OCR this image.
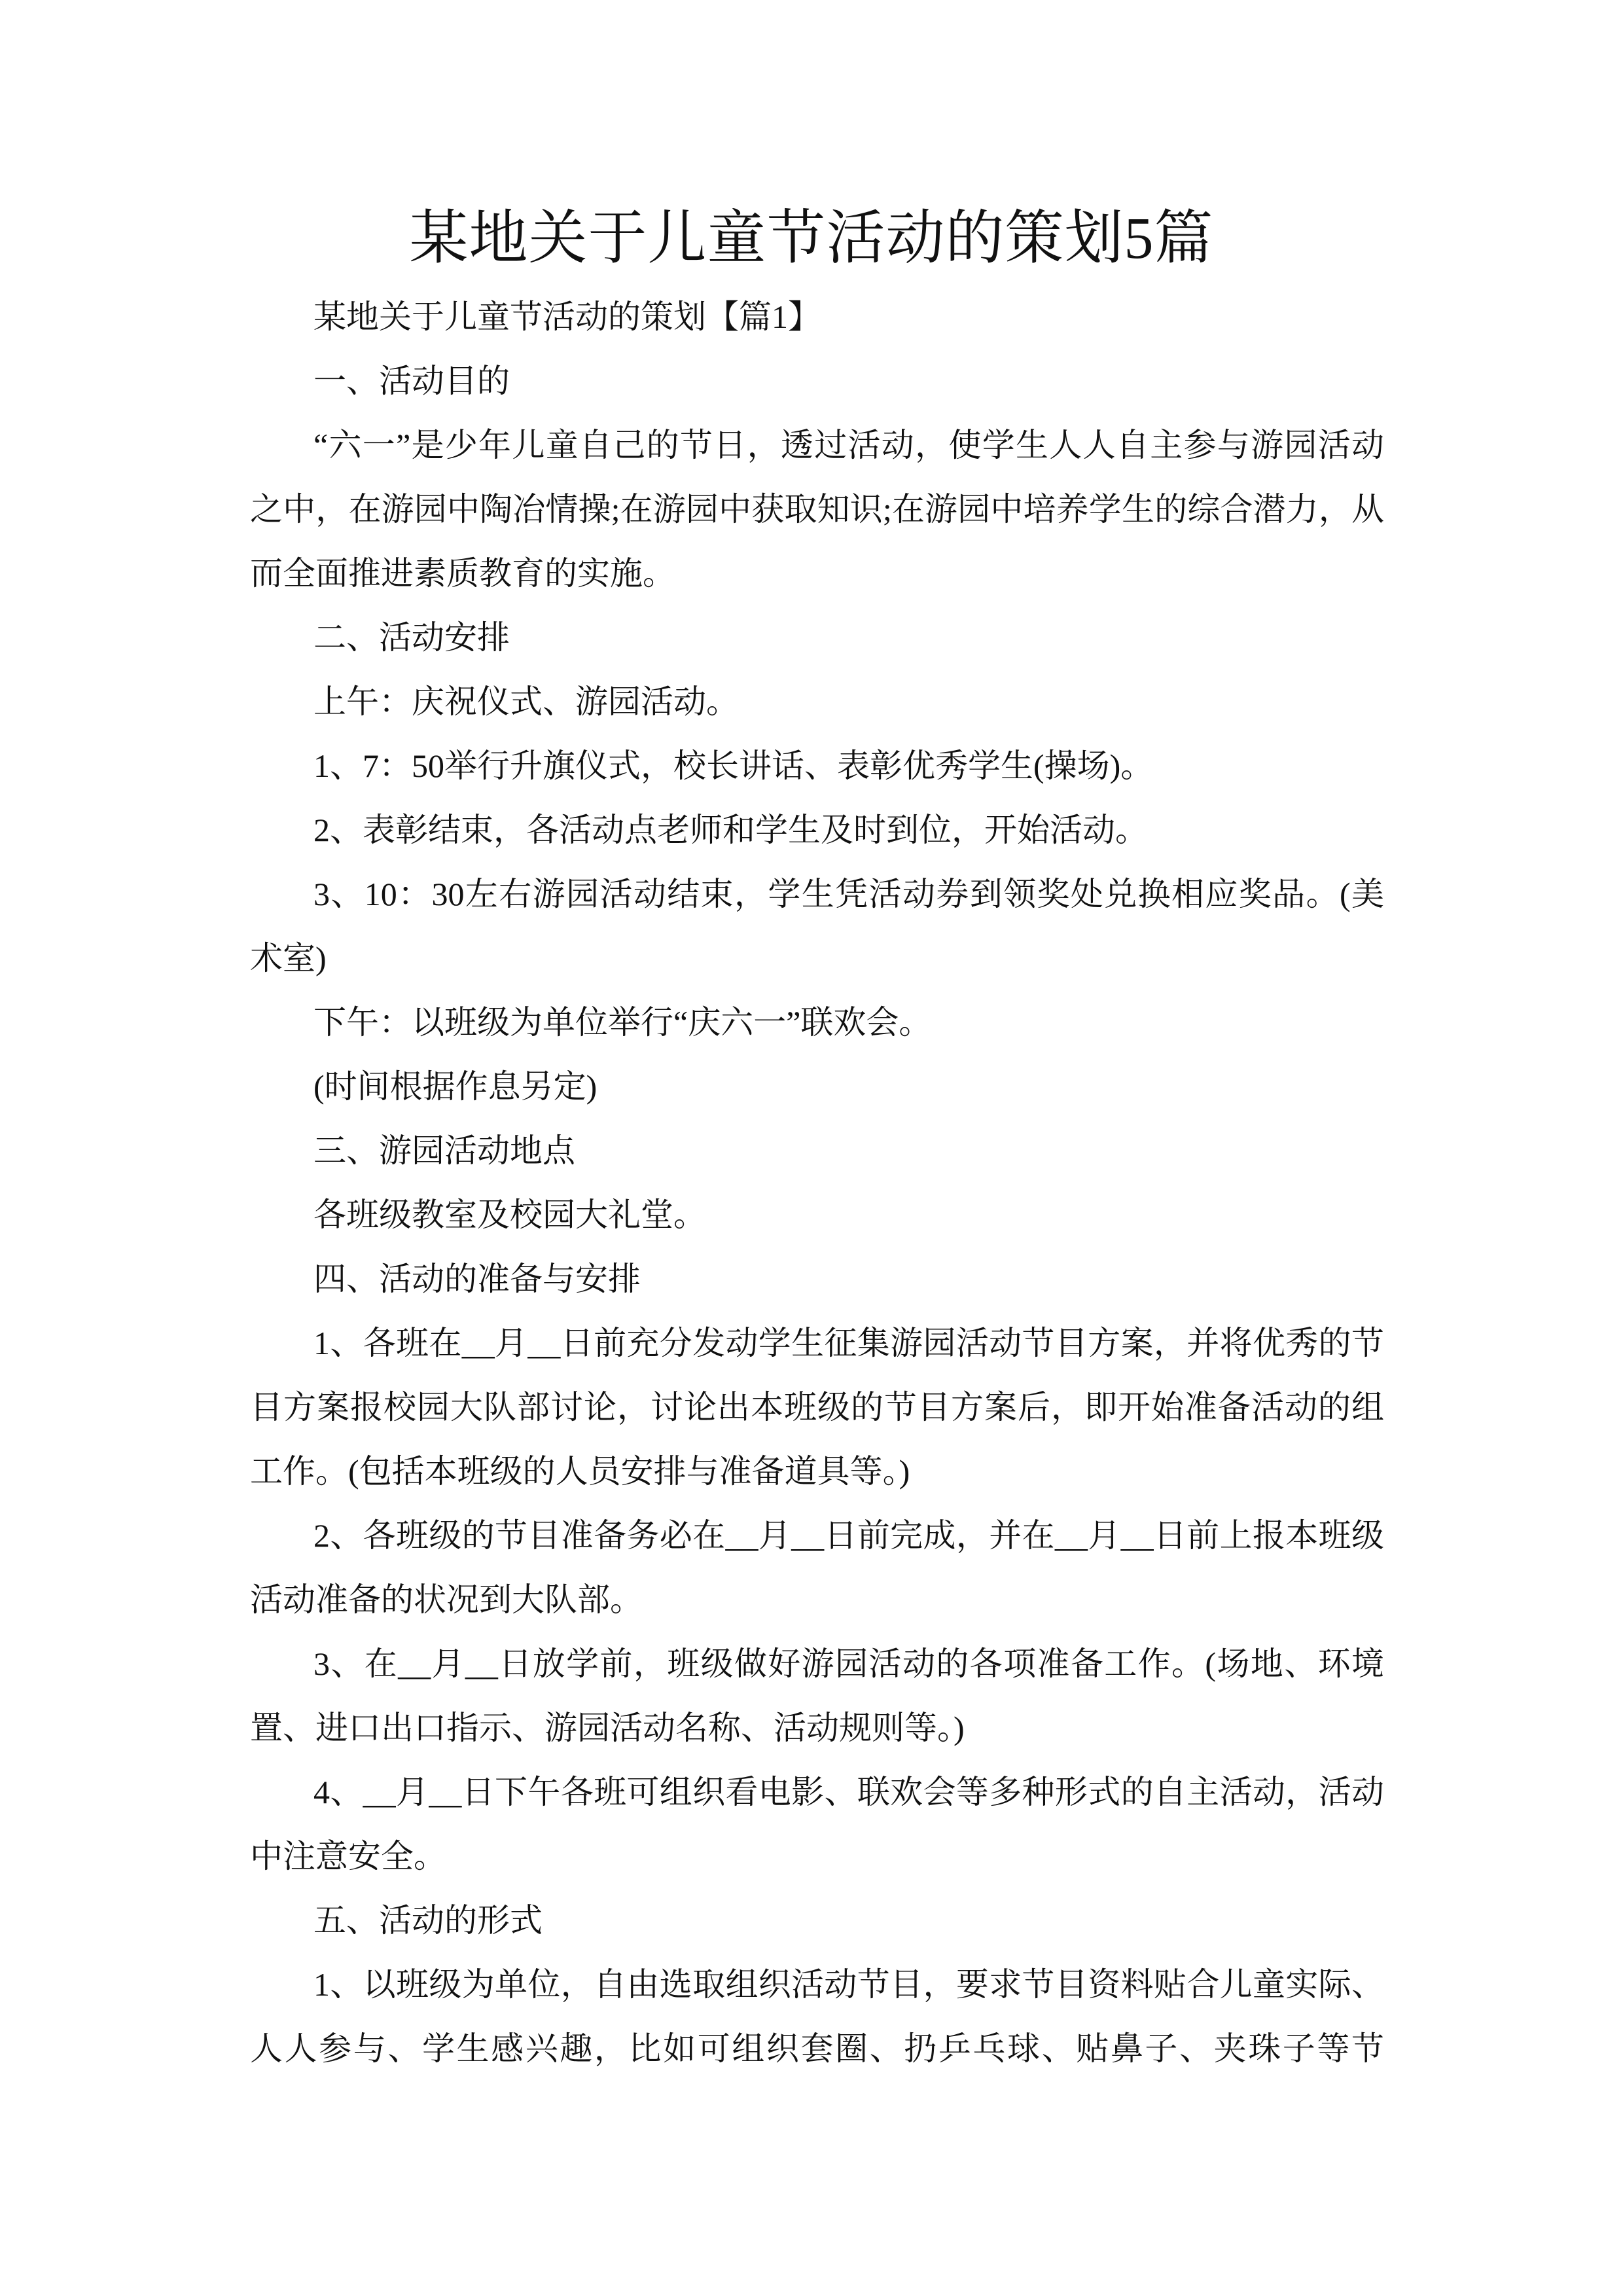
某地关于儿童节活动的策划5篇
某地关于儿童节活动的策划【篇1】
一、活动目的
“六一”是少年儿童自己的节日，透过活动，使学生人人自主参与游园活动
之中，在游园中陶冶情操;在游园中获取知识;在游园中培养学生的综合潜力，从
而全面推进素质教育的实施。
二、活动安排
上午：庆祝仪式、游园活动。
1、7：50举行升旗仪式，校长讲话、表彰优秀学生(操场)。
2、表彰结束，各活动点老师和学生及时到位，开始活动。
3、10：30左右游园活动结束，学生凭活动券到领奖处兑换相应奖品。(美
术室)
下午：以班级为单位举行“庆六一”联欢会。
(时间根据作息另定)
三、游园活动地点
各班级教室及校园大礼堂。
四、活动的准备与安排
1、各班在__月__日前充分发动学生征集游园活动节目方案，并将优秀的节
目方案报校园大队部讨论，讨论出本班级的节目方案后，即开始准备活动的组
工作。(包括本班级的人员安排与准备道具等。)
2、各班级的节目准备务必在__月__日前完成，并在__月__日前上报本班级
活动准备的状况到大队部。
3、在__月__日放学前，班级做好游园活动的各项准备工作。(场地、环境
置、进口出口指示、游园活动名称、活动规则等。)
4、__月__日下午各班可组织看电影、联欢会等多种形式的自主活动，活动
中注意安全。
五、活动的形式
1、以班级为单位，自由选取组织活动节目，要求节目资料贴合儿童实际、
人人参与、学生感兴趣，比如可组织套圈、扔乒乓球、贴鼻子、夹珠子等节
